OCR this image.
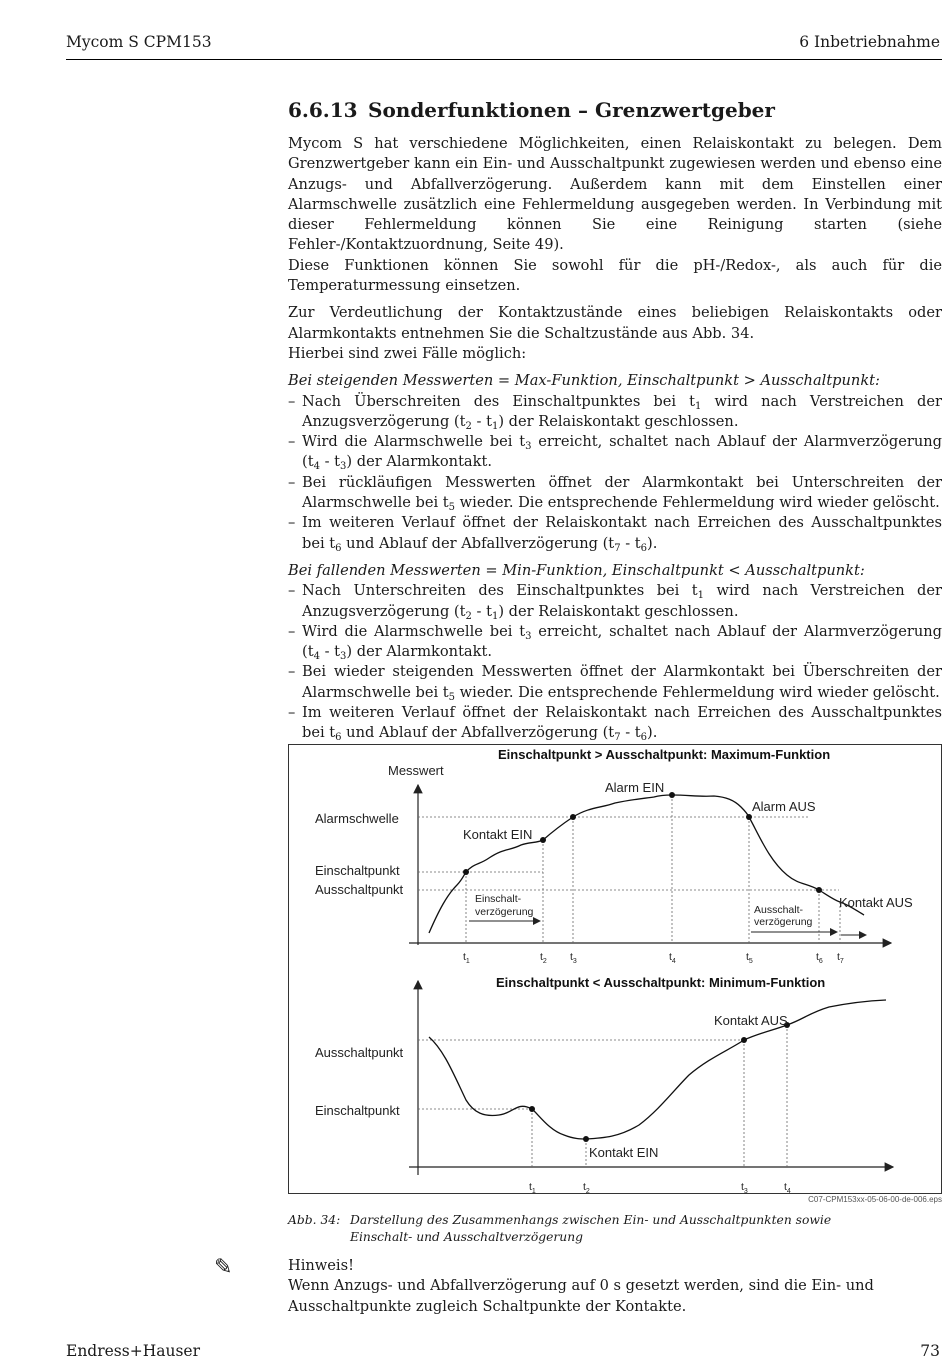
Mycom S CPM153	6 Inbetriebnahme
6.6.13 Sonderfunktionen – Grenzwertgeber

Mycom S hat verschiedene Möglichkeiten, einen Relaiskontakt zu belegen. Dem Grenzwertgeber kann ein Ein- und Ausschaltpunkt zugewiesen werden und ebenso eine Anzugs- und Abfallverzögerung. Außerdem kann mit dem Einstellen einer Alarmschwelle zusätzlich eine Fehlermeldung ausgegeben werden. In Verbindung mit dieser Fehlermeldung können Sie eine Reinigung starten (siehe Fehler-/Kontaktzuordnung, Seite 49).

Diese Funktionen können Sie sowohl für die pH-/Redox-, als auch für die Temperaturmessung einsetzen.

Zur Verdeutlichung der Kontaktzustände eines beliebigen Relaiskontakts oder Alarmkontakts entnehmen Sie die Schaltzustände aus Abb. 34.

Hierbei sind zwei Fälle möglich:

Bei steigenden Messwerten = Max-Funktion, Einschaltpunkt > Ausschaltpunkt:
– Nach Überschreiten des Einschaltpunktes bei $t_1$ wird nach Verstreichen der Anzugsverzögerung $(t_2 - t_1)$ der Relaiskontakt geschlossen.
– Wird die Alarmschwelle bei $t_3$ erreicht, schaltet nach Ablauf der Alarmverzögerung $(t_4 - t_3)$ der Alarmkontakt.
– Bei rückläufigen Messwerten öffnet der Alarmkontakt bei Unterschreiten der Alarmschwelle bei $t_5$ wieder. Die entsprechende Fehlermeldung wird wieder gelöscht.
– Im weiteren Verlauf öffnet der Relaiskontakt nach Erreichen des Ausschaltpunktes bei $t_6$ und Ablauf der Abfallverzögerung $(t_7 - t_6)$.
Bei fallenden Messwerten = Min-Funktion, Einschaltpunkt < Ausschaltpunkt:
– Nach Unterschreiten des Einschaltpunktes bei $t_1$ wird nach Verstreichen der Anzugsverzögerung $(t_2 - t_1)$ der Relaiskontakt geschlossen.
– Wird die Alarmschwelle bei $t_3$ erreicht, schaltet nach Ablauf der Alarmverzögerung $(t_4 - t_3)$ der Alarmkontakt.
– Bei wieder steigenden Messwerten öffnet der Alarmkontakt bei Überschreiten der Alarmschwelle bei $t_5$ wieder. Die entsprechende Fehlermeldung wird wieder gelöscht.
– Im weiteren Verlauf öffnet der Relaiskontakt nach Erreichen des Ausschaltpunktes bei $t_6$ und Ablauf der Abfallverzögerung $(t_7 - t_6)$.
Einschaltpunkt > Ausschaltpunkt: Maximum-Funktion
Messwert
Alarmschwelle
Einschaltpunkt
Ausschaltpunkt
Kontakt EIN
Alarm EIN
Alarm AUS
Kontakt AUS
Einschalt-
verzögerung	Ausschalt-
verzögerung
$t_1$	$t_2$ $t_3$	$t_4$	$t_5$	$t_6$ $t_7$
Einschaltpunkt < Ausschaltpunkt: Minimum-Funktion
Ausschaltpunkt
Einschaltpunkt
Kontakt AUS
Kontakt EIN
$t_1$	$t_2$	$t_3$	$t_4$
C07-CPM153xx-05-06-00-de-006.eps
Abb. 34: Darstellung des Zusammenhangs zwischen Ein- und Ausschaltpunkten sowie Einschalt- und Ausschaltverzögerung
✎	Hinweis!

Wenn Anzugs- und Abfallverzögerung auf 0 s gesetzt werden, sind die Ein- und Ausschaltpunkte zugleich Schaltpunkte der Kontakte.

Endress+Hauser	73
